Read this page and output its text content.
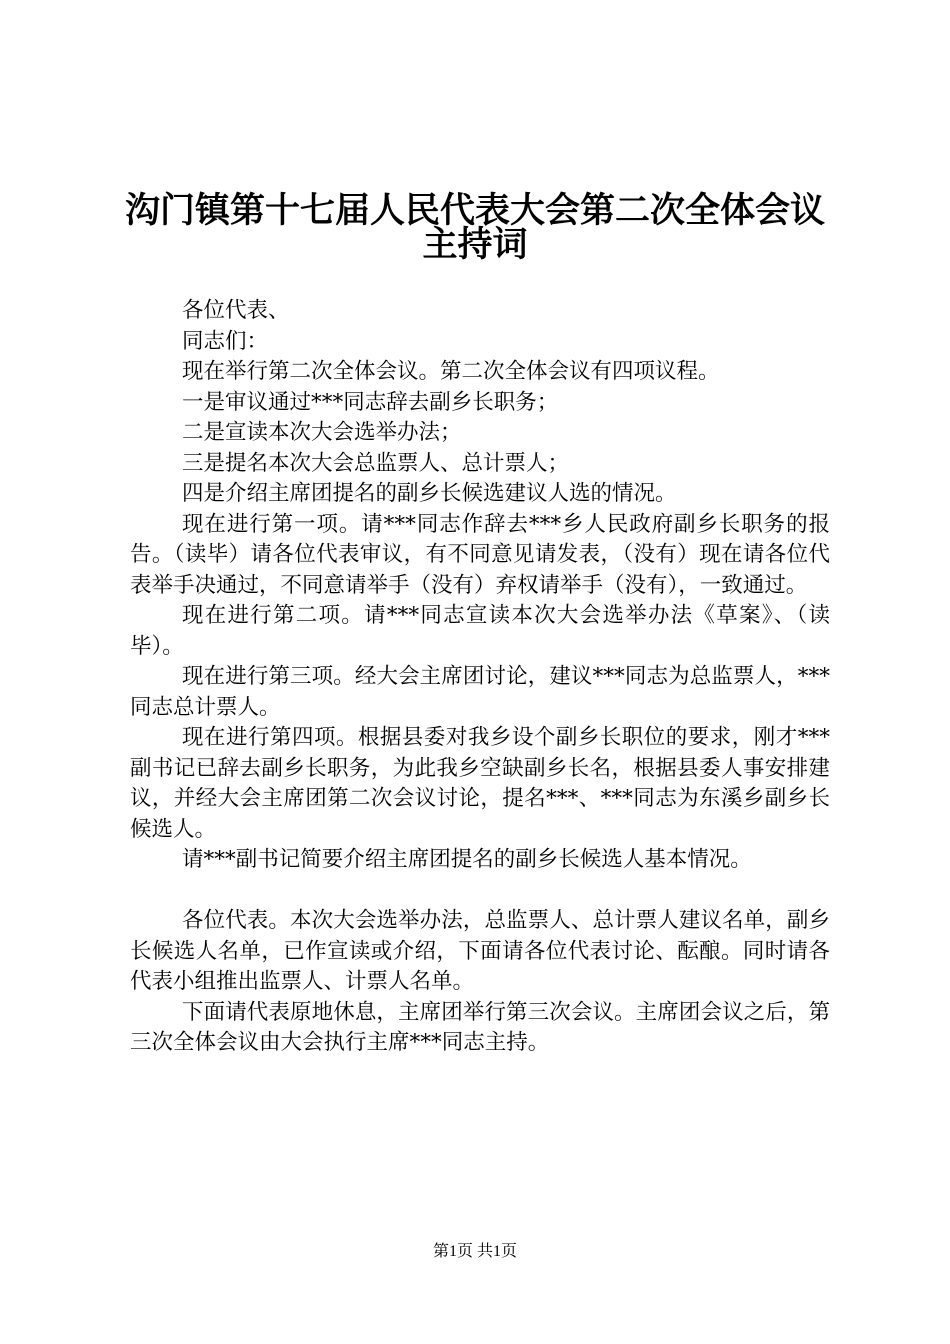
沟门镇第十七届人民代表大会第二次全体会议
主持词

各位代表、

同志们：

现在举行第二次全体会议。第二次全体会议有四项议程。

一是审议通过***同志辞去副乡长职务；

二是宣读本次大会选举办法；

三是提名本次大会总监票人、总计票人；

四是介绍主席团提名的副乡长候选建议人选的情况。

现在进行第一项。请***同志作辞去***乡人民政府副乡长职务的报告。（读毕）请各位代表审议，有不同意见请发表，（没有）现在请各位代表举手决通过，不同意请举手（没有）弃权请举手（没有），一致通过。

现在进行第二项。请***同志宣读本次大会选举办法《草案》、（读毕）。

现在进行第三项。经大会主席团讨论，建议***同志为总监票人，***同志总计票人。

现在进行第四项。根据县委对我乡设个副乡长职位的要求，刚才***副书记已辞去副乡长职务，为此我乡空缺副乡长名，根据县委人事安排建议，并经大会主席团第二次会议讨论，提名***、***同志为东溪乡副乡长候选人。

请***副书记简要介绍主席团提名的副乡长候选人基本情况。

各位代表。本次大会选举办法，总监票人、总计票人建议名单，副乡长候选人名单，已作宣读或介绍，下面请各位代表讨论、酝酿。同时请各代表小组推出监票人、计票人名单。

下面请代表原地休息，主席团举行第三次会议。主席团会议之后，第三次全体会议由大会执行主席***同志主持。

第1页 共1页
